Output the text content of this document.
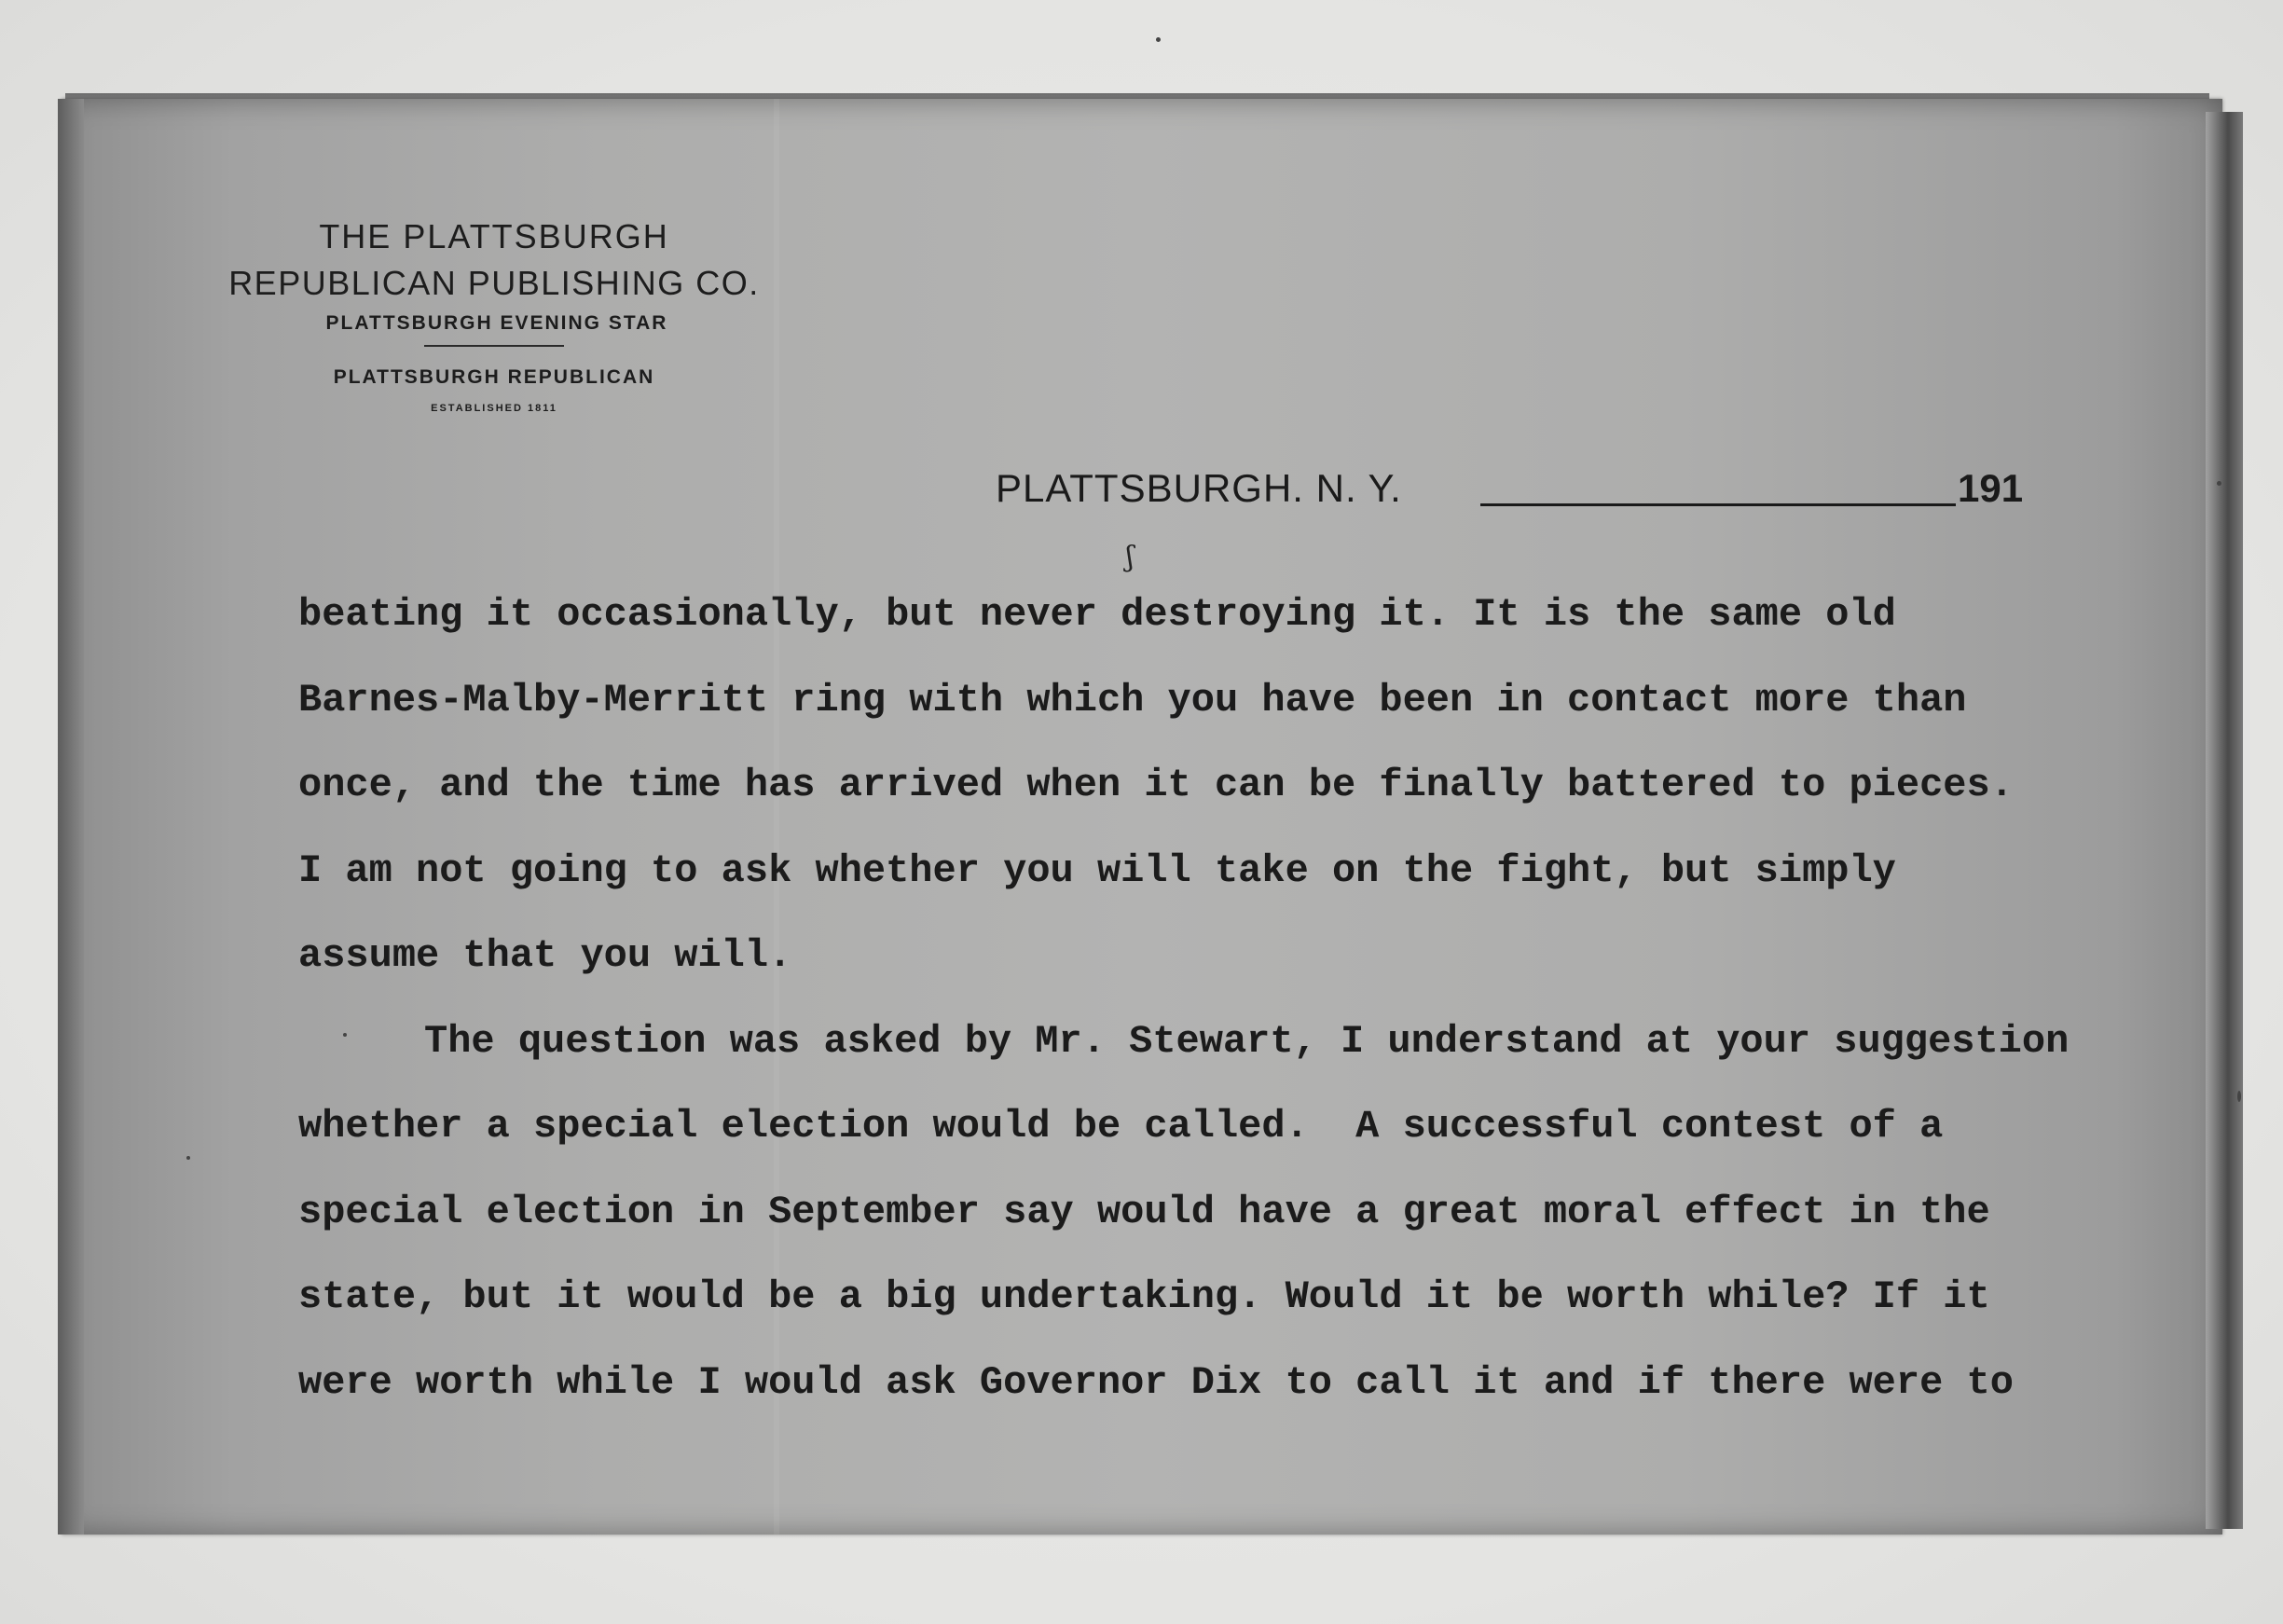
THE PLATTSBURGH
REPUBLICAN PUBLISHING CO.
PLATTSBURGH EVENING STAR
PLATTSBURGH REPUBLICAN
ESTABLISHED 1811
PLATTSBURGH. N. Y.	191
ʃ
beating it occasionally, but never destroying it. It is the same old
Barnes-Malby-Merritt ring with which you have been in contact more than
once, and the time has arrived when it can be finally battered to pieces.
I am not going to ask whether you will take on the fight, but simply
assume that you will.
The question was asked by Mr. Stewart, I understand at your suggestion
whether a special election would be called.  A successful contest of a
special election in September say would have a great moral effect in the
state, but it would be a big undertaking. Would it be worth while? If it
were worth while I would ask Governor Dix to call it and if there were to
